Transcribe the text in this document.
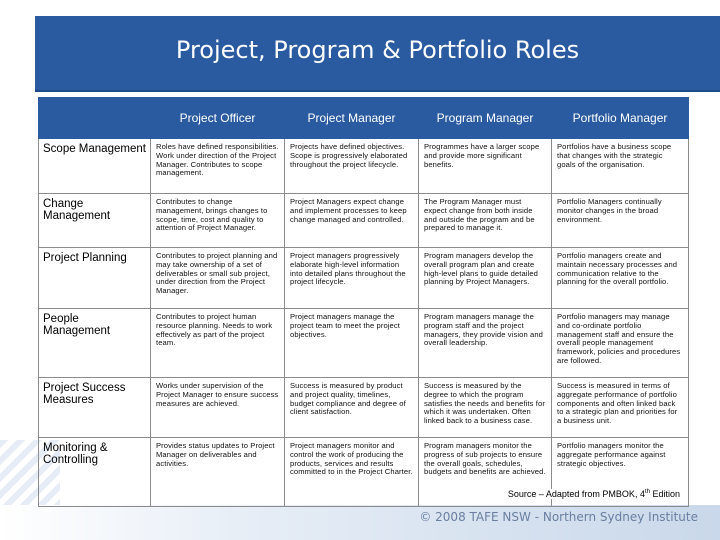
© 2008 TAFE NSW - Northern Sydney Institute
Project, Program & Portfolio Roles
	Project Officer	Project Manager	Program Manager	Portfolio Manager
Scope Management	Roles have defined responsibilities. Work under direction of the Project Manager. Contributes to scope management.	Projects have defined objectives. Scope is progressively elaborated throughout the project lifecycle.	Programmes have a larger scope and provide more significant benefits.	Portfolios have a business scope that changes with the strategic goals of the organisation.
Change Management	Contributes to change management, brings changes to scope, time, cost and quality to attention of Project Manager.	Project Managers expect change and implement processes to keep change managed and controlled.	The Program Manager must expect change from both inside and outside the program and be prepared to manage it.	Portfolio Managers continually monitor changes in the broad environment.
Project Planning	Contributes to project planning and may take ownership of a set of deliverables or small sub project, under direction from the Project Manager.	Project managers progressively elaborate high-level information into detailed plans throughout the project lifecycle.	Program managers develop the overall program plan and create high-level plans to guide detailed planning by Project Managers.	Portfolio managers create and maintain necessary processes and communication relative to the planning for the overall portfolio.
People Management	Contributes to project human resource planning. Needs to work effectively as part of the project team.	Project managers manage the project team to meet the project objectives.	Program managers manage the program staff and the project managers, they provide vision and overall leadership.	Portfolio managers may manage and co-ordinate portfolio management staff and ensure the overall people management framework, policies and procedures are followed.
Project Success Measures	Works under supervision of the Project Manager to ensure success measures are achieved.	Success is measured by product and project quality, timelines, budget compliance and degree of client satisfaction.	Success is measured by the degree to which the program satisfies the needs and benefits for which it was undertaken. Often linked back to a business case.	Success is measured in terms of aggregate performance of portfolio components and often linked back to a strategic plan and priorities for a business unit.
Monitoring & Controlling	Provides status updates to Project Manager on deliverables and activities.	Project managers monitor and control the work of producing the products, services and results committed to in the Project Charter.	Program managers monitor the progress of sub projects to ensure the overall goals, schedules, budgets and benefits are achieved.	Portfolio managers monitor the aggregate performance against strategic objectives.
Source – Adapted from PMBOK, 4th Edition
